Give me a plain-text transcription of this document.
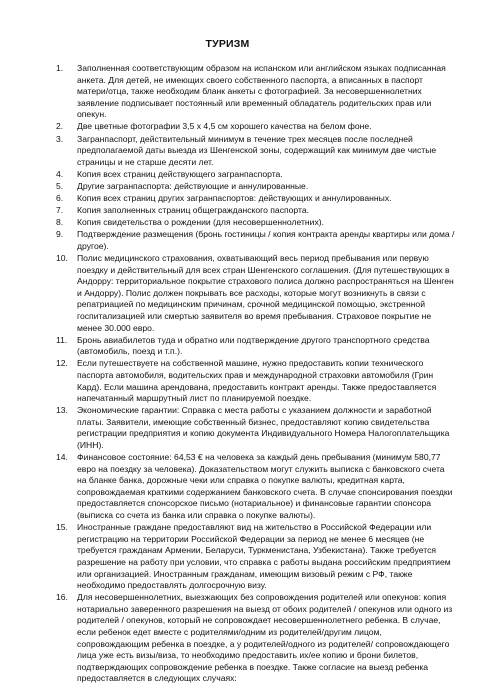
ТУРИЗМ
1.	Заполненная соответствующим образом на испанском или английском языках подписанная анкета. Для детей, не имеющих своего собственного паспорта, а вписанных в паспорт матери/отца, также необходим бланк анкеты с фотографией. За несовершеннолетних заявление подписывает постоянный или временный обладатель родительских прав или опекун.
2.	Две цветные фотографии 3,5 х 4,5 см хорошего качества на белом фоне.
3.	Загранпаспорт, действительный минимум в течение трех месяцев после последней предполагаемой даты выезда из Шенгенской зоны, содержащий как минимум две чистые страницы и не старше десяти лет.
4.	Копия всех страниц действующего загранпаспорта.
5.	Другие загранпаспорта: действующие и аннулированные.
6.	Копия всех страниц других загранпаспортов: действующих и аннулированных.
7.	Копия заполненных страниц общегражданского паспорта.
8.	Копия свидетельства о рождении (для несовершеннолетних).
9.	Подтверждение размещения (бронь гостиницы / копия контракта аренды квартиры или дома / другое).
10.	Полис медицинского страхования, охватывающий весь период пребывания или первую поездку и действительный для всех стран Шенгенского соглашения. (Для путешествующих в Андорру: территориальное покрытие страхового полиса должно распространяться на Шенген и Андорру). Полис должен покрывать все расходы, которые могут возникнуть в связи с репатриацией по медицинским причинам, срочной медицинской помощью, экстренной госпитализацией или смертью заявителя во время пребывания. Страховое покрытие не менее 30.000 евро.
11.	Бронь авиабилетов туда и обратно или подтверждение другого транспортного средства (автомобиль, поезд и т.п.).
12.	Если путешествуете на собственной машине, нужно предоставить копии технического паспорта автомобиля, водительских прав и международной страховки автомобиля (Грин Кард). Если машина арендована, предоставить контракт аренды. Также предоставляется напечатанный маршрутный лист по планируемой поездке.
13.	Экономические гарантии: Справка с места работы с указанием должности и заработной платы. Заявители, имеющие собственный бизнес, предоставляют копию свидетельства регистрации предприятия и копию документа Индивидуального Номера Налогоплательщика (ИНН).
14.	Финансовое состояние: 64,53 € на человека за каждый день пребывания (минимум 580,77 евро на поездку за человека). Доказательством могут служить выписка с банковского счета на бланке банка, дорожные чеки или справка о покупке валюты, кредитная карта, сопровождаемая краткими содержанием банковского счета. В случае спонсирования поездки предоставляется спонсорское письмо (нотариальное) и финансовые гарантии спонсора (выписка со счета из банка или справка о покупке валюты).
15.	Иностранные граждане предоставляют вид на жительство в Российской Федерации или регистрацию на территории Российской Федерации за период не менее 6 месяцев (не требуется гражданам Армении, Беларуси, Туркменистана, Узбекистана). Также требуется разрешение на работу при условии, что справка с работы выдана российским предприятием или организацией. Иностранным гражданам, имеющим визовый режим с РФ, также необходимо предоставлять долгосрочную визу.
16.	Для несовершеннолетних, выезжающих без сопровождения родителей или опекунов: копия нотариально заверенного разрешения на выезд от обоих родителей / опекунов или одного из родителей / опекунов, который не сопровождает несовершеннолетнего ребенка. В случае, если ребенок едет вместе с родителями/одним из родителей/другим лицом, сопровождающим ребенка в поездке, а у родителей/одного из родителей/ сопровождающего лица уже есть визы/виза, то необходимо предоставить их/ее копию и брони билетов, подтверждающих сопровождение ребенка в поездке. Также согласие на выезд ребенка предоставляется в следующих случаях:
